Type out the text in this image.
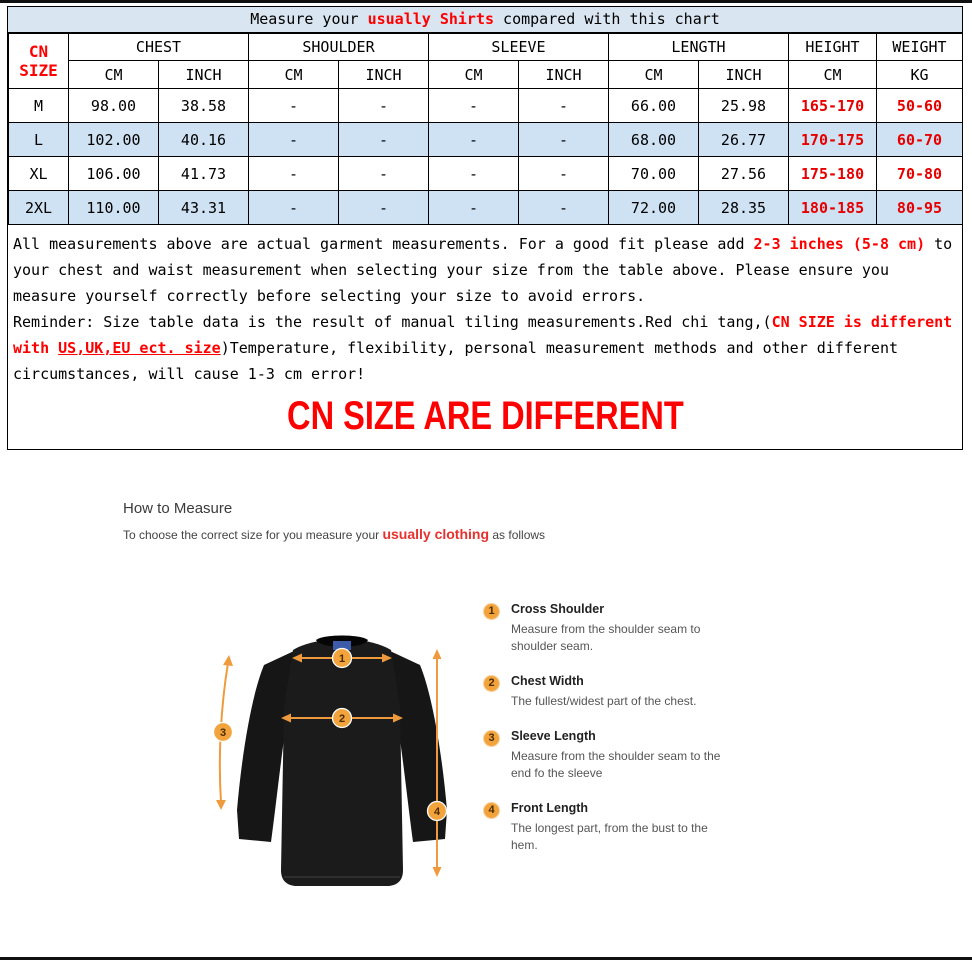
Measure your usually Shirts compared with this chart
CN
SIZE	CHEST		SHOULDER		SLEEVE		LENGTH		HEIGHT	WEIGHT
	CM	INCH	CM	INCH	CM	INCH	CM	INCH	CM	KG
M	98.00	38.58	-	-	-	-	66.00	25.98	165-170	50-60
L	102.00	40.16	-	-	-	-	68.00	26.77	170-175	60-70
XL	106.00	41.73	-	-	-	-	70.00	27.56	175-180	70-80
2XL	110.00	43.31	-	-	-	-	72.00	28.35	180-185	80-95

All measurements above are actual garment measurements. For a good fit please add 2-3 inches (5-8 cm) to your chest and waist measurement when selecting your size from the table above. Please ensure you measure yourself correctly before selecting your size to avoid errors.

Reminder: Size table data is the result of manual tiling measurements.Red chi tang,(CN SIZE is different with US,UK,EU ect. size)Temperature, flexibility, personal measurement methods and other different circumstances, will cause 1-3 cm error!

CN SIZE ARE DIFFERENT
How to Measure
To choose the correct size for you measure your usually clothing as follows
1
2
3
4
1	Cross Shoulder
Measure from the shoulder seam to shoulder seam.
2	Chest Width
The fullest/widest part of the chest.
3	Sleeve Length
Measure from the shoulder seam to the end fo the sleeve
4	Front Length
The longest part, from the bust to the hem.
